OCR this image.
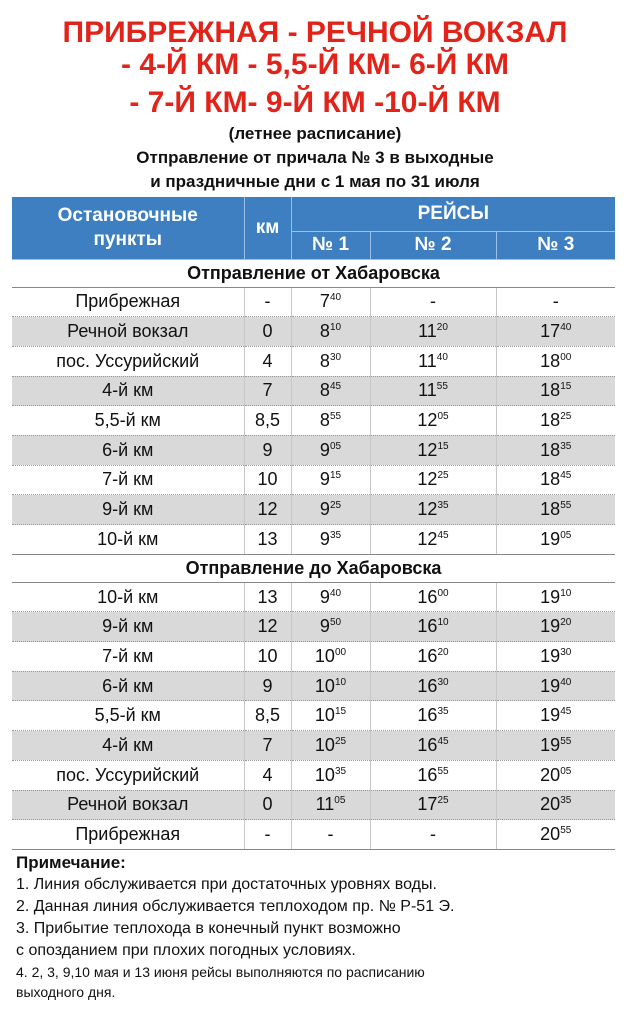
ПРИБРЕЖНАЯ - РЕЧНОЙ ВОКЗАЛ
- 4-Й КМ - 5,5-Й КМ- 6-Й КМ
- 7-Й КМ- 9-Й КМ -10-Й КМ
(летнее расписание)
Отправление от причала № 3 в выходные
и праздничные дни с 1 мая по 31 июля
Остановочные пункты	км	РЕЙСЫ		
		№ 1	№ 2	№ 3
Отправление от Хабаровска				
Прибрежная	-	$7^{40}$	-	-
Речной вокзал	0	$8^{10}$	$11^{20}$	$17^{40}$
пос. Уссурийский	4	$8^{30}$	$11^{40}$	$18^{00}$
4-й км	7	$8^{45}$	$11^{55}$	$18^{15}$
5,5-й км	8,5	$8^{55}$	$12^{05}$	$18^{25}$
6-й км	9	$9^{05}$	$12^{15}$	$18^{35}$
7-й км	10	$9^{15}$	$12^{25}$	$18^{45}$
9-й км	12	$9^{25}$	$12^{35}$	$18^{55}$
10-й км	13	$9^{35}$	$12^{45}$	$19^{05}$
Отправление до Хабаровска				
10-й км	13	$9^{40}$	$16^{00}$	$19^{10}$
9-й км	12	$9^{50}$	$16^{10}$	$19^{20}$
7-й км	10	$10^{00}$	$16^{20}$	$19^{30}$
6-й км	9	$10^{10}$	$16^{30}$	$19^{40}$
5,5-й км	8,5	$10^{15}$	$16^{35}$	$19^{45}$
4-й км	7	$10^{25}$	$16^{45}$	$19^{55}$
пос. Уссурийский	4	$10^{35}$	$16^{55}$	$20^{05}$
Речной вокзал	0	$11^{05}$	$17^{25}$	$20^{35}$
Прибрежная	-	-	-	$20^{55}$
Примечание:
1. Линия обслуживается при достаточных уровнях воды.
2. Данная линия обслуживается теплоходом пр. № Р-51 Э.
3. Прибытие теплохода в конечный пункт возможно
с опозданием при плохих погодных условиях.
4. 2, 3, 9,10 мая и 13 июня рейсы выполняются по расписанию
выходного дня.
